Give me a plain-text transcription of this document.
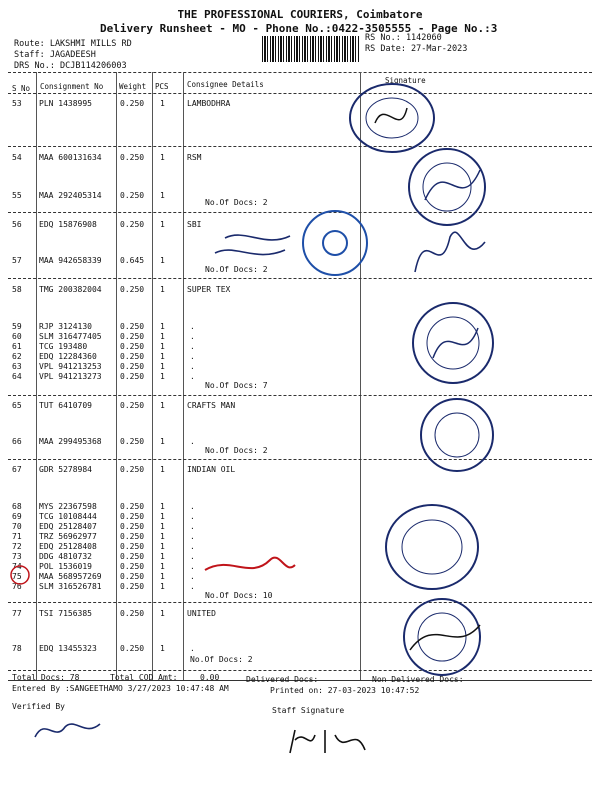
THE PROFESSIONAL COURIERS, Coimbatore
Delivery Runsheet - MO - Phone No.:0422-3505555 - Page No.:3
Route: LAKSHMI MILLS RD
Staff: JAGADEESH
DRS No.: DCJB114206003
RS No.: 1142060
RS Date: 27-Mar-2023
S No Consignment No Weight PCS Consignee Details	Signature
53 PLN 1438995	0.250 1	LAMBODHRA
54 MAA 600131634 0.250 1	RSM
55 MAA 292405314 0.250 1
No.Of Docs: 2
56 EDQ 15876908	0.250 1	SBI
57 MAA 942658339 0.645 1
No.Of Docs: 2
58 TMG 200382004 0.250 1	SUPER TEX
59 RJP 3124130	0.250 1	.
60 SLM 316477405 0.250 1	.
61 TCG 193480	0.250 1	.
62 EDQ 12284360	0.250 1	.
63 VPL 941213253 0.250 1	.
64 VPL 941213273 0.250 1	.
No.Of Docs: 7
65 TUT 6410709	0.250 1	CRAFTS MAN
66 MAA 299495368 0.250 1	.
No.Of Docs: 2
67 GDR 5278984	0.250 1	INDIAN OIL
68 MYS 22367598	0.250 1	.
69 TCG 10108444	0.250 1	.
70 EDQ 25128407	0.250 1	.
71 TRZ 56962977	0.250 1	.
72 EDQ 25128408	0.250 1	.
73 DDG 4810732	0.250 1	.
74 POL 1536019	0.250 1	.
75 MAA 568957269 0.250 1	.
76 SLM 316526781 0.250 1	.
No.Of Docs: 10
77 TSI 7156385	0.250 1	UNITED
78 EDQ 13455323	0.250 1	.
No.Of Docs: 2
Total Docs: 78	Total COD Amt:	0.00	Delivered Docs:	Non Delivered Docs:
Entered By :SANGEETHAMO 3/27/2023 10:47:48 AM	Printed on: 27-03-2023 10:47:52
Verified By	Staff Signature
